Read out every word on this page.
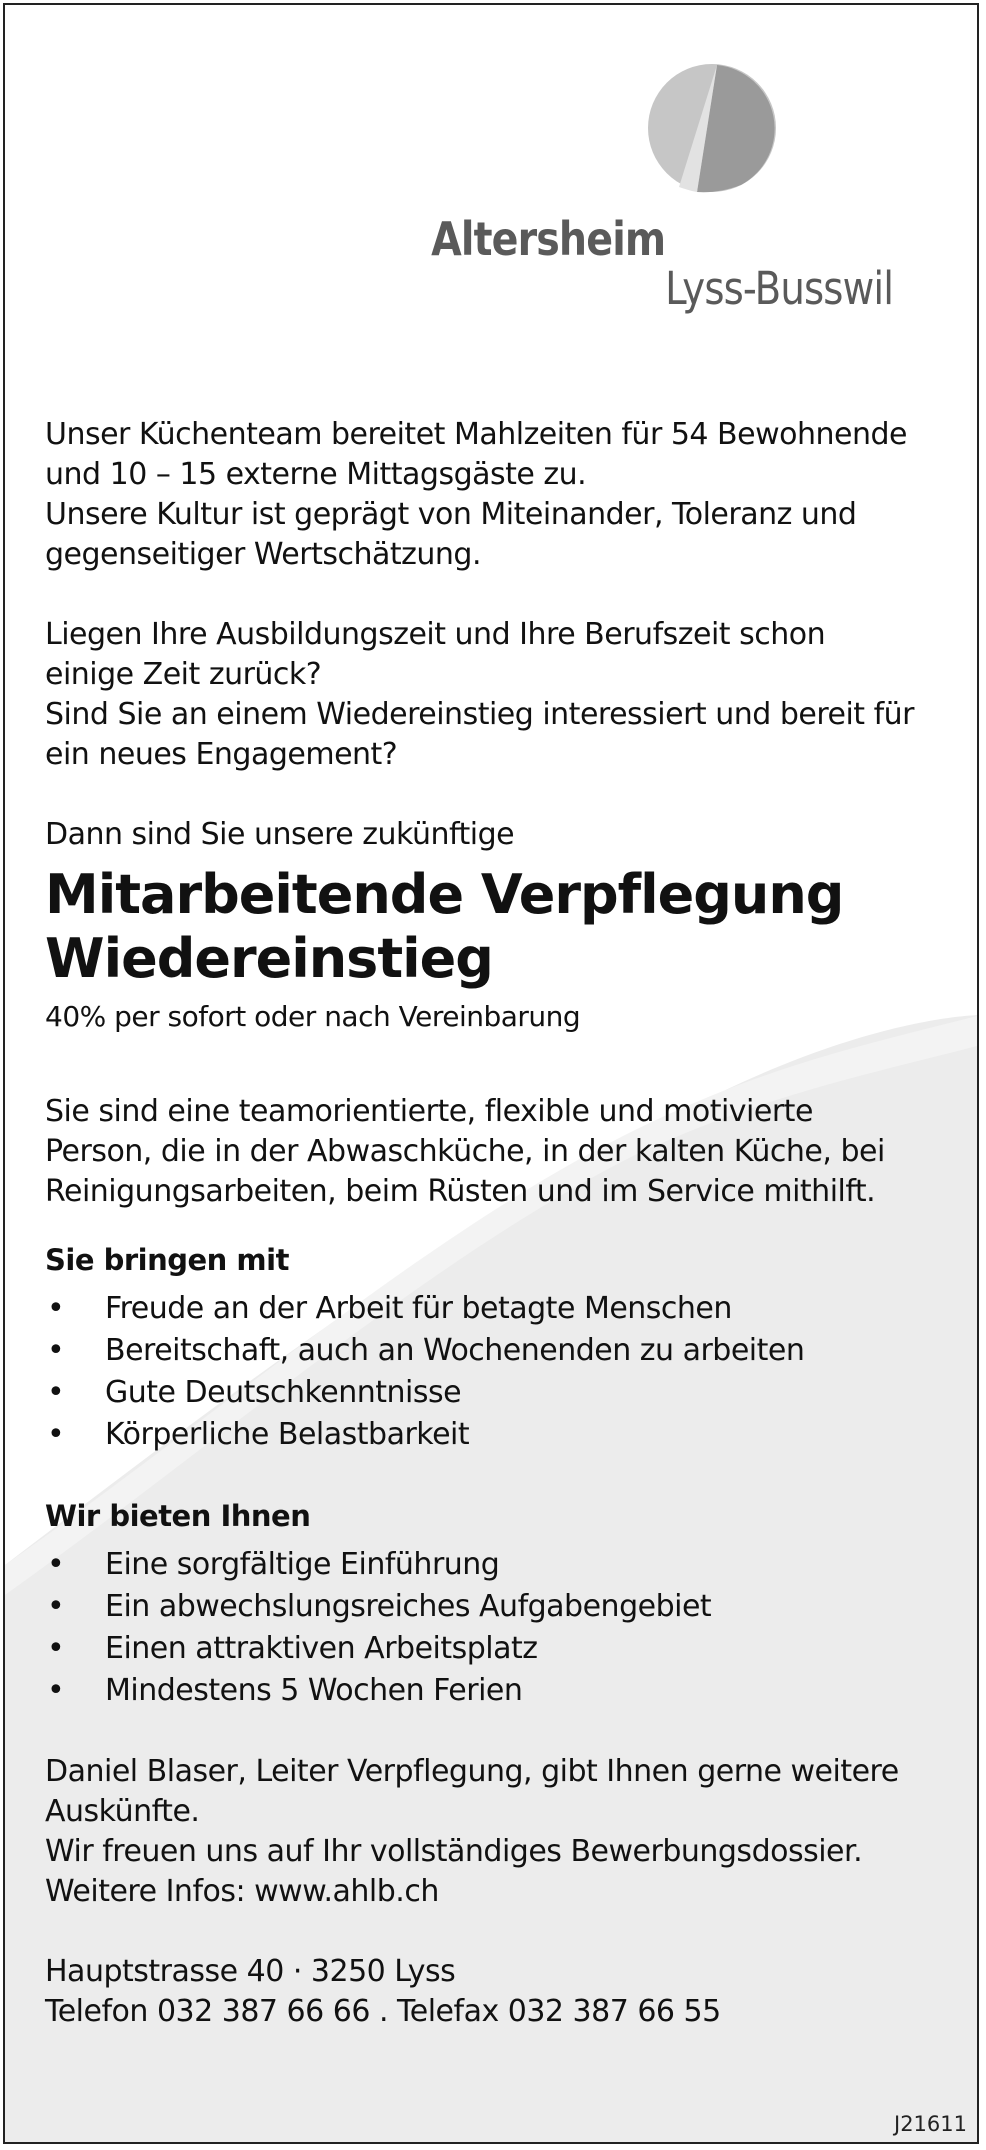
Altersheim
Lyss-Busswil
Unser Küchenteam bereitet Mahlzeiten für 54 Bewohnende
und 10 – 15 externe Mittagsgäste zu.
Unsere Kultur ist geprägt von Miteinander, Toleranz und
gegenseitiger Wertschätzung.
Liegen Ihre Ausbildungszeit und Ihre Berufszeit schon
einige Zeit zurück?
Sind Sie an einem Wiedereinstieg interessiert und bereit für
ein neues Engagement?
Dann sind Sie unsere zukünftige
Mitarbeitende Verpflegung
Wiedereinstieg
40% per sofort oder nach Vereinbarung
Sie sind eine teamorientierte, flexible und motivierte
Person, die in der Abwaschküche, in der kalten Küche, bei
Reinigungsarbeiten, beim Rüsten und im Service mithilft.
Sie bringen mit
• Freude an der Arbeit für betagte Menschen
• Bereitschaft, auch an Wochenenden zu arbeiten
• Gute Deutschkenntnisse
• Körperliche Belastbarkeit
Wir bieten Ihnen
• Eine sorgfältige Einführung
• Ein abwechslungsreiches Aufgabengebiet
• Einen attraktiven Arbeitsplatz
• Mindestens 5 Wochen Ferien
Daniel Blaser, Leiter Verpflegung, gibt Ihnen gerne weitere
Auskünfte.
Wir freuen uns auf Ihr vollständiges Bewerbungsdossier.
Weitere Infos: www.ahlb.ch
Hauptstrasse 40 · 3250 Lyss
Telefon 032 387 66 66 . Telefax 032 387 66 55
J21611
